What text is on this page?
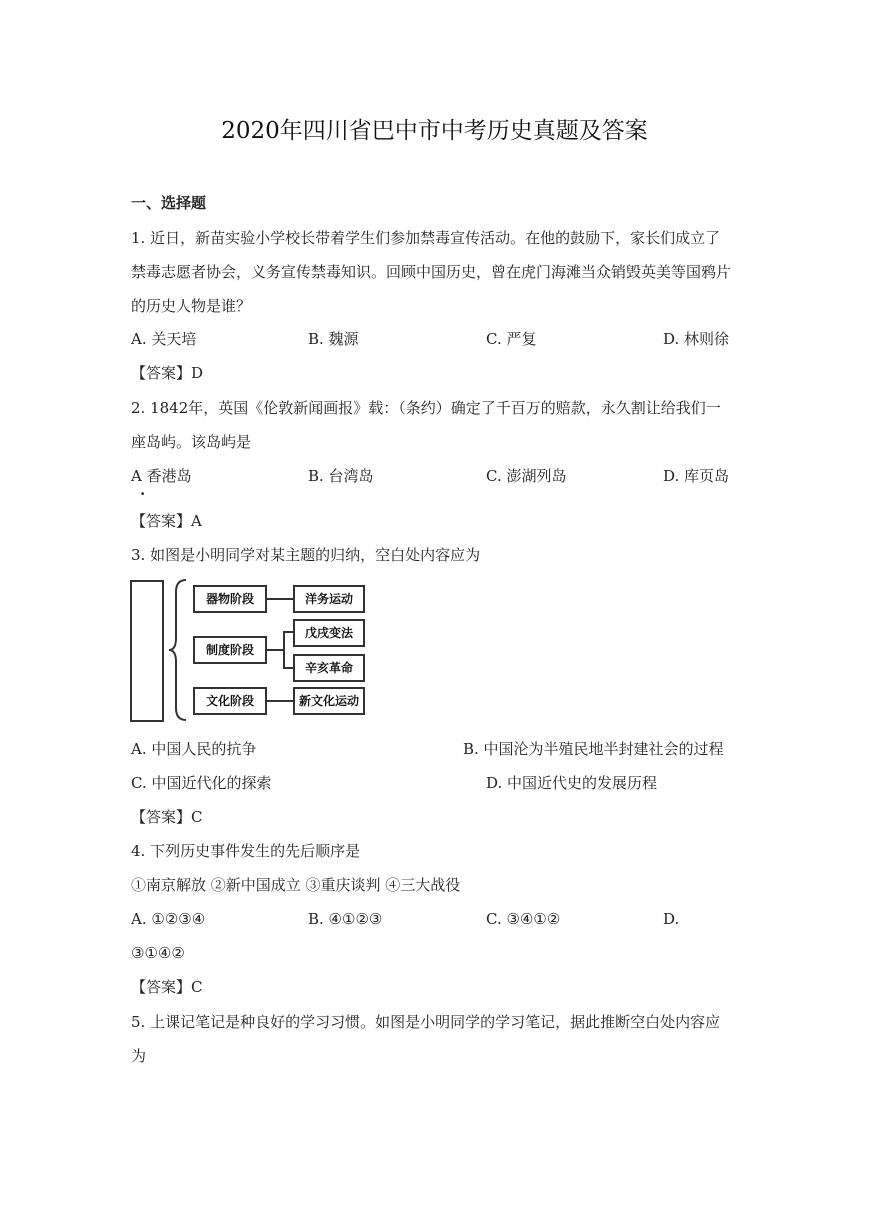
2020年四川省巴中市中考历史真题及答案
一、选择题
1. 近日，新苗实验小学校长带着学生们参加禁毒宣传活动。在他的鼓励下，家长们成立了
禁毒志愿者协会，义务宣传禁毒知识。回顾中国历史，曾在虎门海滩当众销毁英美等国鸦片
的历史人物是谁？
A. 关天培	B. 魏源	C. 严复	D. 林则徐
【答案】D
2. 1842年，英国《伦敦新闻画报》载：（条约）确定了千百万的赔款，永久割让给我们一
座岛屿。该岛屿是
A 香港岛	B. 台湾岛	C. 澎湖列岛	D. 库页岛
.
【答案】A
3. 如图是小明同学对某主题的归纳，空白处内容应为
器物阶段
制度阶段
文化阶段
洋务运动
戊戌变法
辛亥革命
新文化运动
A. 中国人民的抗争	B. 中国沦为半殖民地半封建社会的过程
C. 中国近代化的探索	D. 中国近代史的发展历程
【答案】C
4. 下列历史事件发生的先后顺序是
①南京解放 ②新中国成立 ③重庆谈判 ④三大战役
A. ①②③④	B. ④①②③	C. ③④①②	D.
③①④②
【答案】C
5. 上课记笔记是种良好的学习习惯。如图是小明同学的学习笔记，据此推断空白处内容应
为
